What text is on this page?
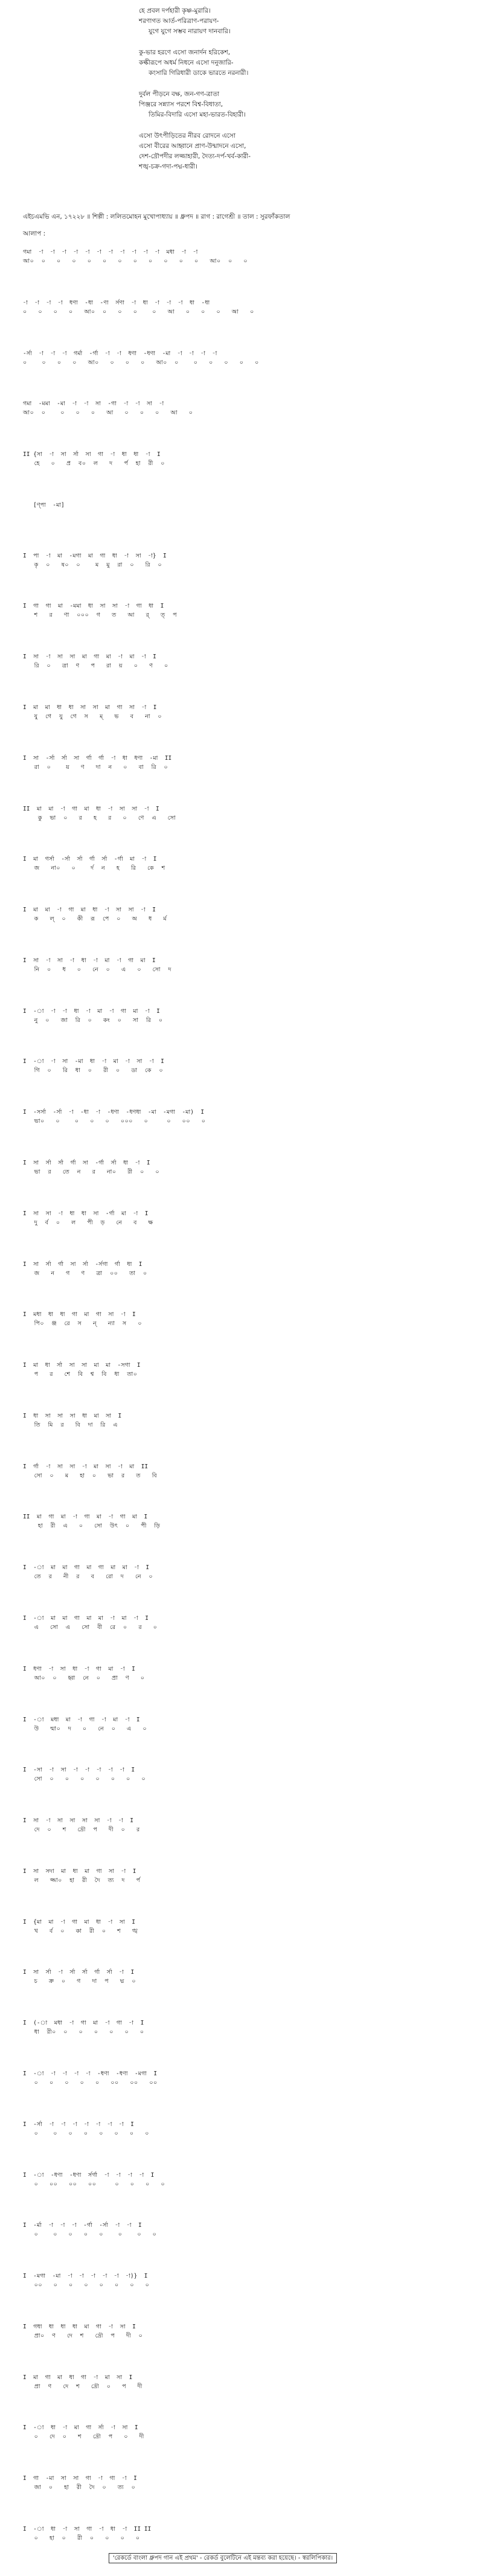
হে প্রবল দর্পহারী কৃষ্ণ-মুরারি।
শরণাগত আর্ত-পরিত্রাণ-পরায়ণ-
যুগে যুগে সম্ভব নারায়ণ দানবারি।
কু-ভার হরণে এসো জনার্দন হরিকেশ,
কল্কীরূপে অধর্ম নিধনে এসো দনুজারি-
কংসারি গিরিধারী ডাকে ভারতে নরনারী।
দুর্বল পীড়নে বক্ষ, জন-গণ-ত্রাতা
পিঞ্জরে সন্ন্যাস পরশে বিশ্ব-বিধাতা,
তিমির-বিদারি এসো মহা-ভারত-বিহারী।
এসো উৎপীড়িতের নীরব রোদনে এসো
এসো বীরের আহ্বানে প্রাণ-উন্মাদনে এসো,
দেশ-দ্রৌপদীর লজ্জাহারী, দৈত্য-দর্প-খর্ব-কারী-
শঙ্খ-চক্র-গদা-পদ্ম-ধারী।
এইচএমভি এন, ১৭২২৮ ॥ শিল্পী : ললিতমোহন মুখোপাধ্যায় ॥ ধ্রুপদ ॥ রাগ : রাগেশ্রী ॥ তাল : সুরফাঁকতাল
আলাপ :
গমা  -া  -া  -া  -া  -া  -া  -া  -া  -া  -া  -া  মধা  -া  -া
আ০  ০   ০   ০   ০   ০   ০   ০   ০   ০   ০   ০   আ০  ০   ০
-া  -া  -া  -া  ধণা  -ধা  -ণা  র্সণা  -া  ধা  -া  -া  -া  ধা  -ধা
০   ০   ০   ০   আ০  ০   ০   ০    ০   আ   ০   ০   ০   আ   ০
-র্সা  -া  -া  -া  গর্মা  -র্গা  -া  -া  ধণা  -ধণা  -মা  -া  -া  -া  -া
০    ০   ০   ০   আ০   ০   ০   ০   আ০  ০    ০   ০   ০   ০   ০
গমা  -মমা  -মা  -া  -া  সা  -গা  -া  -া  সা  -া
আ০  ০    ০   ০   ০   আ   ০   ০   ০   আ   ০
II {সা  -া  সা  র্সা  সা  গা  -া  ধা  ধা  -া  I
হে   ০   প্র  ব০  ল   দ   র্প  হা  রী  ০
[ণ্পা  -মা]
I  পা  -া  মা  -মগা  মা  গা  ধা  -া  সা  -া}  I
কৃ  ০   ষ০  ০    ম  মু  রা  ০   রি  ০
I  গা  গা  মা  -মমা  ধা  সা  সা  -া  গা  ধা  I
শ   র   ণা  ০০০  গ   ত   আ   র্   ত্  প
I  সা  -া  সা  সা  মা  গা  মা  -া  মা  -া  I
রি  ০   ত্রা  ণ   প   রা  য়   ০   ণ   ০
I  মা  মা  ধা  ধা  সা  সা  মা  গা  সা  -া  I
যু  গে  যু  গে  স   ম্   ভ   ব   না  ০
I  সা  -র্সা  র্সা  সা  র্গা  র্গা  -া  ধা  ধণা  -মা  II
রা  ০    য়   ণ   দা  ন   ০   বা  রি  ০
II  মা  মা  -া  গা  মা  ধা  -া  সা  সা  -া  I
কু  ভা  ০   র   হ   র   ০   ণে  এ   সো
I  মা  গর্সা  -র্সা  র্সা  র্গা  র্সা  -র্গা  মা  -া  I
জ   না০   ০    র্দ  ন   হ   রি   কে  শ
I  মা  মা  -া  গা  মা  ধা  -া  সা  সা  -া  I
ক   ল্  ০   কী  রূ  পে  ০   অ   ধ   র্ম
I  সা  -া  সা  -া  ধা  -া  মা  -া  গা  মা  I
নি  ০   ধ   ০   নে  ০   এ   ০   সো  দ
I  -া  -া  -া  ধা  -া  মা  -া  গা  মা  -া  I
নু  ০   জা  রি  ০   কং  ০   সা  রি  ০
I  -া  -া  সা  -মা  ধা  -া  মা  -া  সা  -া  I
গি  ০   রি  ধা  ০   রী  ০   ডা  কে  ০
I  -সর্সা  -র্সা  -া  -ধা  -া  -ধণা  -ধণধা  -মা  -মগা  -মা)  I
ভা০   ০    ০   ০   ০   ০০০   ০     ০   ০০   ০
I  সা  র্সা  র্সা  র্গা  সা  -র্গা  র্সা  ধা  -া  I
ভা  র   তে  ন   র   না০   রী  ০   ০
I  সা  সা  -া  ধা  ধা  সা  -র্গা  মা  -া  I
দু  র্ব  ০   ল   পী  ড়   নে   ব   ক্ষ
I  সা  র্সা  র্গা  সা  র্সা  -র্সগা  র্গা  ধা  I
জ   ন   গ   ণ   ত্রা  ০০   তা  ০
I  মধা  ধা  ধা  গা  মা  গা  সা  -া  I
পি০  ঞ্জ  রে  স   ন্   ন্যা  স   ০
I  মা  ধা  র্সা  সা  সা  মা  মা  -সগা  I
প   র   শে  বি  শ্ব  বি  ধা  তা০
I  ধা  সা  সা  সা  ধা  মা  সা  I
তি  মি  র   বি  দা  রি  এ
I  র্গা  -া  সা  সা  -া  মা  সা  -া  মা  II
সো  ০   ম   হা  ০   ভা  র   ত   বি
II  মা  গা  মা  -া  গা  মা  -া  গা  মা  I
হা  রী  এ   ০   সো  উৎ  ০   পী  ড়ি
I  -া  মা  মা  গা  মা  গা  মা  মা  -া  I
তে  র   নী  র   ব   রো  দ   নে  ০
I  -া  মা  মা  গা  মা  মা  -া  মা  -া  I
এ   সো  এ   সো  বী  রে  ০   র   ০
I  ধণা  -া  সা  ধা  -া  গা  মা  -া  I
আ০  ০   হ্বা  নে  ০   প্রা  ণ   ০
I  -া  মধা  মা  -া  গা  -া  মা  -া  I
উ   ন্মা০  দ   ০   নে  ০   এ   ০
I  -সা  -া  সা  -া  -া  -া  -া  -া  I
সো  ০   ০   ০   ০   ০   ০   ০
I  সা  -া  সা  সা  সা  সা  -া  -া  I
দে  ০   শ   দ্রৌ  প   দী  ০   র
I  সা  সদা  মা  ধা  মা  গা  সা  -া  I
ল   জ্জা০  হা  রী  দৈ  ত্য  দ   র্প
I  {মা  মা  -া  গা  মা  ধা  -া  সা  I
খ   র্ব  ০   কা  রী  ০   শ   ঙ্খ
I  সা  র্সা  -া  র্সা  র্সা  র্গা  র্সা  -া  I
চ   ক্র  ০   গ   দা  প   দ্ম  ০
I  (-া  মধা  -া  গা  মা  -া  গা  -া  I
ধা  রী০  ০   ০   ০   ০   ০   ০
I  -া  -া  -া  -া  -া  -ধণা  -ধণা  -মগা  I
০   ০   ০   ০   ০   ০০   ০০   ০০
I  -র্সা  -া  -া  -া  -া  -া  -া  -া  I
০    ০   ০   ০   ০   ০   ০   ০
I  -া  -ধণা  -ধণা  র্সর্গা  -া  -া  -া  -া  I
০   ০০   ০০   ০০     ০   ০   ০   ০
I  -র্মা  -া  -া  -া  -র্গা  -র্সা  -া  -া  I
০    ০   ০   ০   ০    ০    ০   ০
I  -মগা  -মা  -া  -া  -া  -া  -া  -া)}  I
০০   ০   ০   ০   ০   ০   ০   ০
I  গধা  ধা  ধা  ধা  মা  গা  -া  সা  I
প্রা০  ণ   দে  শ   দ্রৌ  প   দী  ০
I  মা  গা  মা  ধা  গা  -া  মা  সা  I
প্রা  ণ   দে  শ   দ্রৌ  ০   প   দী
I  -া  ধা  -া  মা  গা  র্সা  -া  সা  I
০   দে  ০   শ   দ্রৌ  প   ০   দী
I  গা  -মা  সা  সা  গা  -া  গা  -া  I
জা  ০   হা  রী  দৈ  ০   ত্য  ০
I  -া  ধা  -া  সা  গা  -া  ধা  -া  II II
০   হা  ০   রী  ০   ০   ০   ০
'রেকর্ডে বাংলা ধ্রুপদ গান এই প্রথম' - রেকর্ড বুলেটিনে এই মন্তব্য করা হয়েছে। - স্বরলিপিকার।
